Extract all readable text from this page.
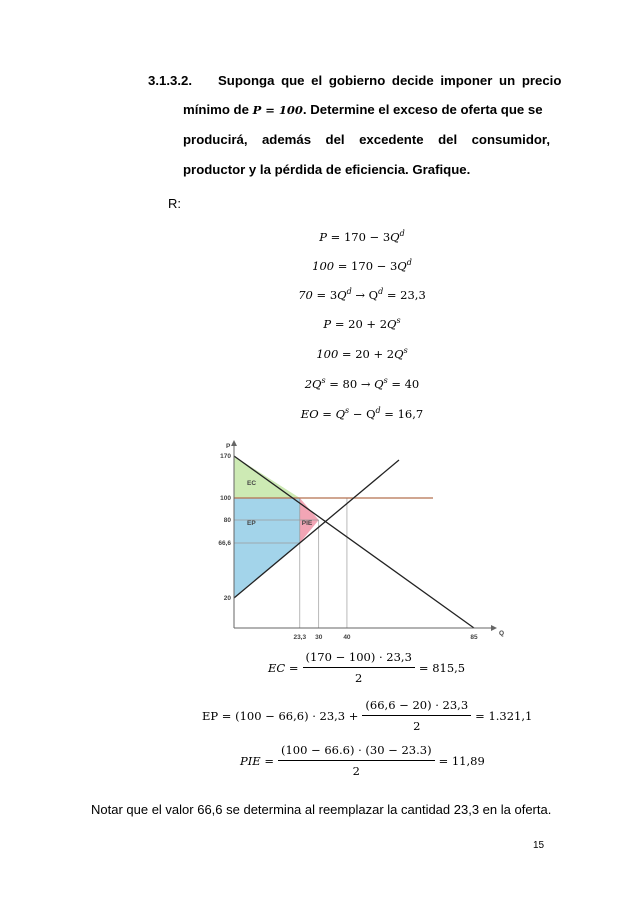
3.1.3.2. Suponga que el gobierno decide imponer un precio
mínimo de P = 100. Determine el exceso de oferta que se
producirá, además del excedente del consumidor,
productor y la pérdida de eficiencia. Grafique.
R:
$P = 170 - 3Q^d$
$100 = 170 - 3Q^d$
$70 = 3Q^d \to Q^d = 23,3$
$P = 20 + 2Q^s$
$100 = 20 + 2Q^s$
$2Q^s = 80 \to Q^s = 40$
EO = $Q^s - Q^d = 16,7$
P
Q
170
100
80
66,6
20
23,3 30	40	85
EC
EP	PIE
EC = $\frac{(170 - 100) \cdot 23,3}{2} = 815,5$
EP = $(100 - 66,6) \cdot 23,3 + \frac{(66,6 - 20) \cdot 23,3}{2} = 1.321,1$
PIE = $\frac{(100 - 66.6) \cdot (30 - 23.3)}{2} = 11,89$
Notar que el valor 66,6 se determina al reemplazar la cantidad 23,3 en la oferta.
15
